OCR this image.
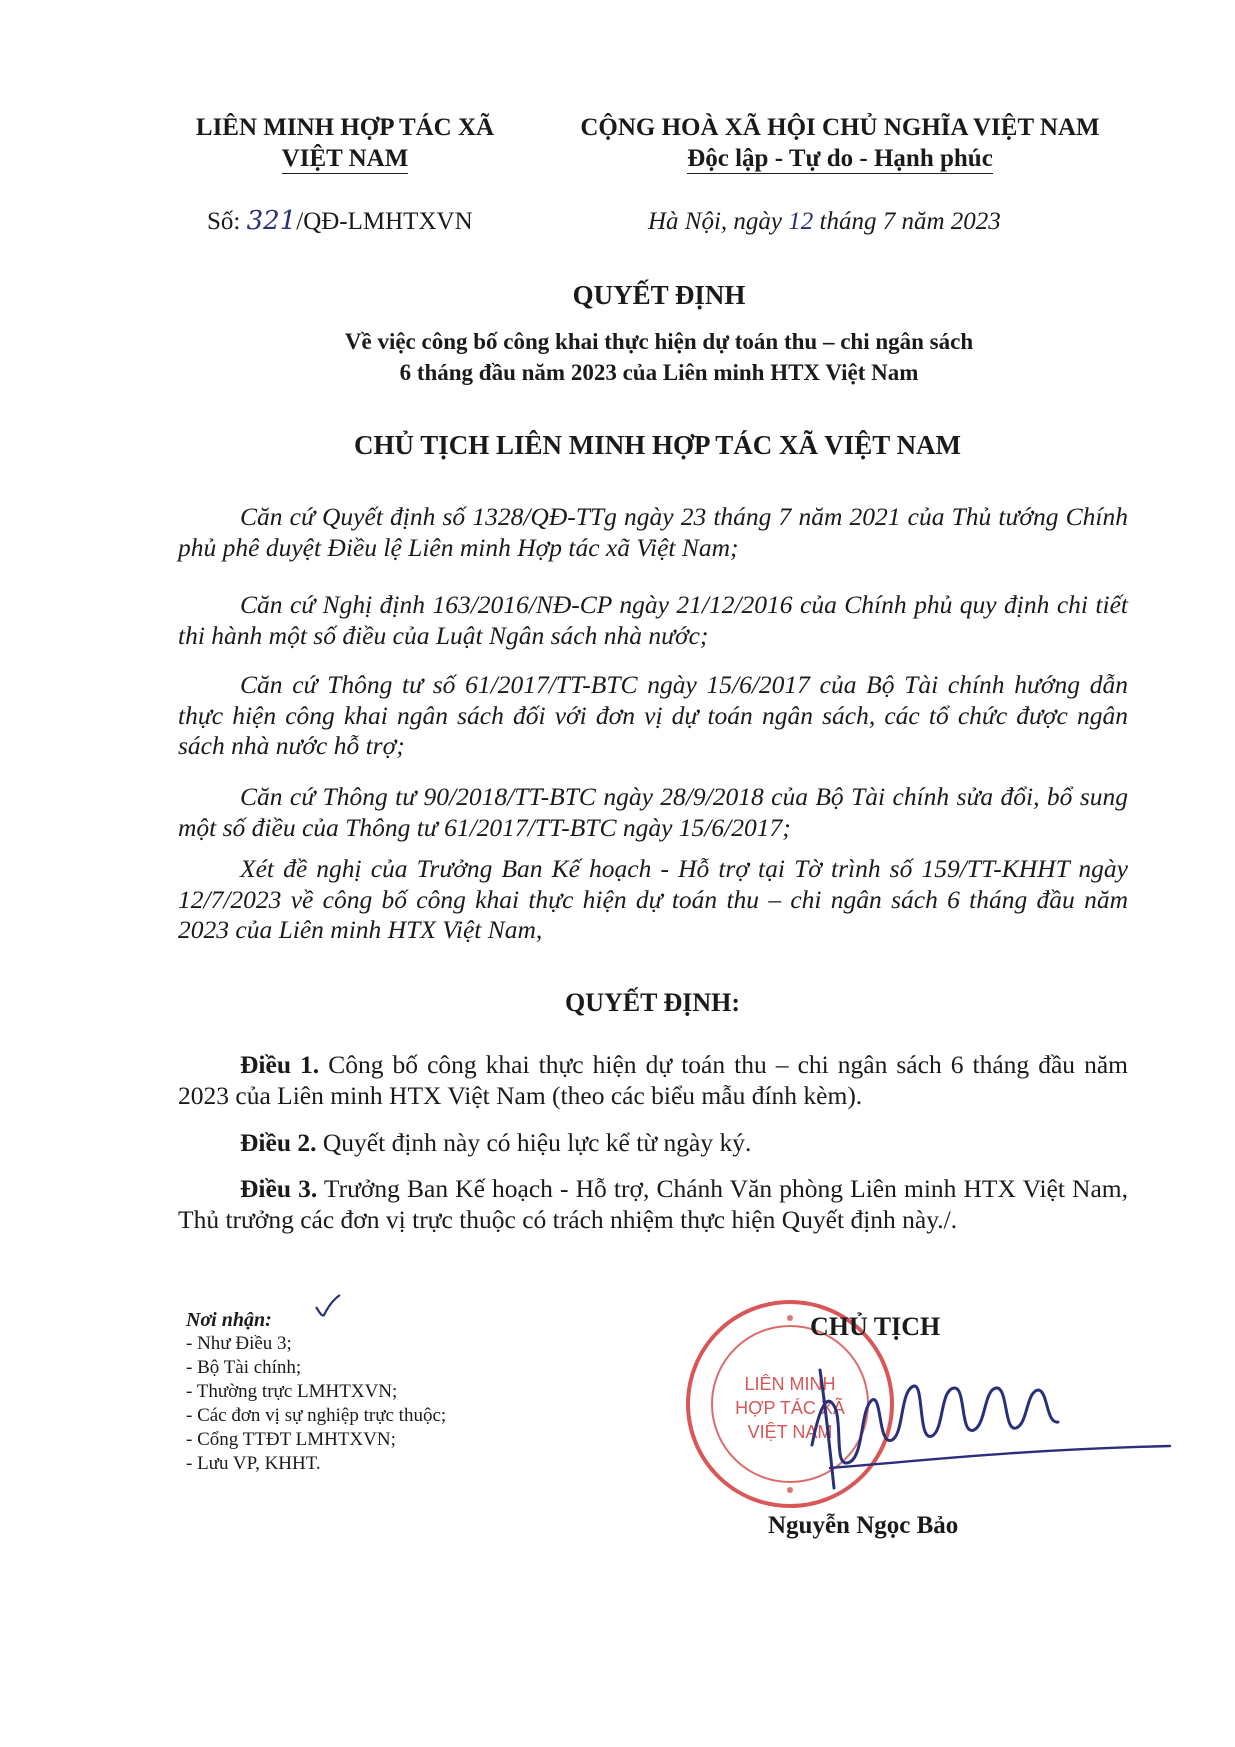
LIÊN MINH HỢP TÁC XÃ
VIỆT NAM
CỘNG HOÀ XÃ HỘI CHỦ NGHĨA VIỆT NAM
Độc lập - Tự do - Hạnh phúc
Số: 321/QĐ-LMHTXVN	Hà Nội, ngày 12 tháng 7 năm 2023
QUYẾT ĐỊNH
Về việc công bố công khai thực hiện dự toán thu – chi ngân sách
6 tháng đầu năm 2023 của Liên minh HTX Việt Nam
CHỦ TỊCH LIÊN MINH HỢP TÁC XÃ VIỆT NAM
Căn cứ Quyết định số 1328/QĐ-TTg ngày 23 tháng 7 năm 2021 của Thủ tướng Chính phủ phê duyệt Điều lệ Liên minh Hợp tác xã Việt Nam;
Căn cứ Nghị định 163/2016/NĐ-CP ngày 21/12/2016 của Chính phủ quy định chi tiết thi hành một số điều của Luật Ngân sách nhà nước;
Căn cứ Thông tư số 61/2017/TT-BTC ngày 15/6/2017 của Bộ Tài chính hướng dẫn thực hiện công khai ngân sách đối với đơn vị dự toán ngân sách, các tổ chức được ngân sách nhà nước hỗ trợ;
Căn cứ Thông tư 90/2018/TT-BTC ngày 28/9/2018 của Bộ Tài chính sửa đổi, bổ sung một số điều của Thông tư 61/2017/TT-BTC ngày 15/6/2017;
Xét đề nghị của Trưởng Ban Kế hoạch - Hỗ trợ tại Tờ trình số 159/TT-KHHT ngày 12/7/2023 về công bố công khai thực hiện dự toán thu – chi ngân sách 6 tháng đầu năm 2023 của Liên minh HTX Việt Nam,
QUYẾT ĐỊNH:
Điều 1. Công bố công khai thực hiện dự toán thu – chi ngân sách 6 tháng đầu năm 2023 của Liên minh HTX Việt Nam (theo các biểu mẫu đính kèm).
Điều 2. Quyết định này có hiệu lực kể từ ngày ký.
Điều 3. Trưởng Ban Kế hoạch - Hỗ trợ, Chánh Văn phòng Liên minh HTX Việt Nam, Thủ trưởng các đơn vị trực thuộc có trách nhiệm thực hiện Quyết định này./.
Nơi nhận:
- Như Điều 3;
- Bộ Tài chính;
- Thường trực LMHTXVN;
- Các đơn vị sự nghiệp trực thuộc;
- Cổng TTĐT LMHTXVN;
- Lưu VP, KHHT.
LIÊN MINH
HỢP TÁC XÃ
VIỆT NAM
CHỦ TỊCH
Nguyễn Ngọc Bảo
